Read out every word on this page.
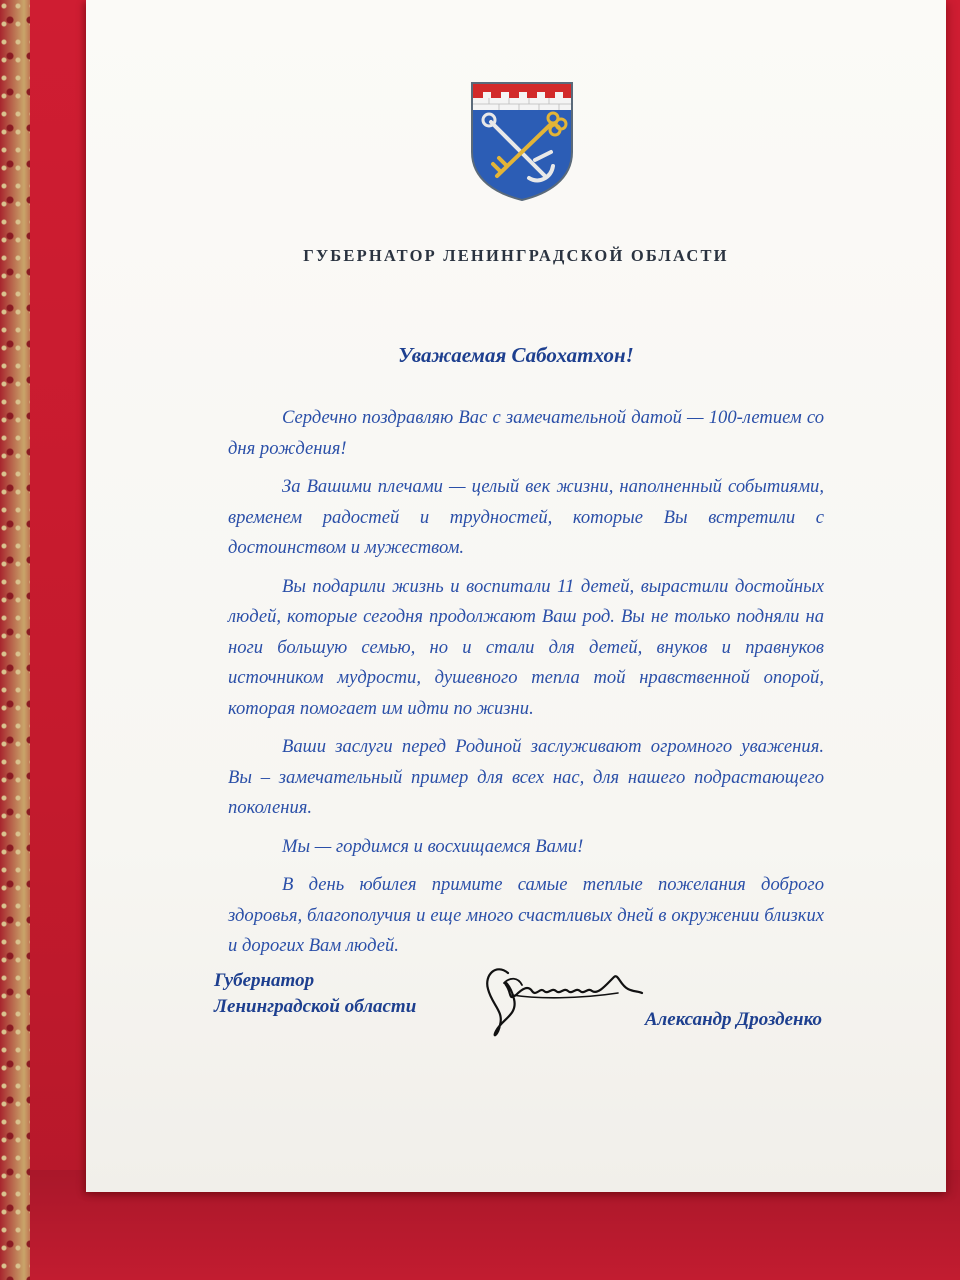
ГУБЕРНАТОР ЛЕНИНГРАДСКОЙ ОБЛАСТИ
Уважаемая Сабохатхон!

Сердечно поздравляю Вас с замечательной датой — 100-летием со дня рождения!

За Вашими плечами — целый век жизни, наполненный событиями, временем радостей и трудностей, которые Вы встретили с достоинством и мужеством.

Вы подарили жизнь и воспитали 11 детей, вырастили достойных людей, которые сегодня продолжают Ваш род. Вы не только подняли на ноги большую семью, но и стали для детей, внуков и правнуков источником мудрости, душевного тепла той нравственной опорой, которая помогает им идти по жизни.

Ваши заслуги перед Родиной заслуживают огромного уважения. Вы – замечательный пример для всех нас, для нашего подрастающего поколения.

Мы — гордимся и восхищаемся Вами!

В день юбилея примите самые теплые пожелания доброго здоровья, благополучия и еще много счастливых дней в окружении близких и дорогих Вам людей.

Губернатор
Ленинградской области
Александр Дрозденко
